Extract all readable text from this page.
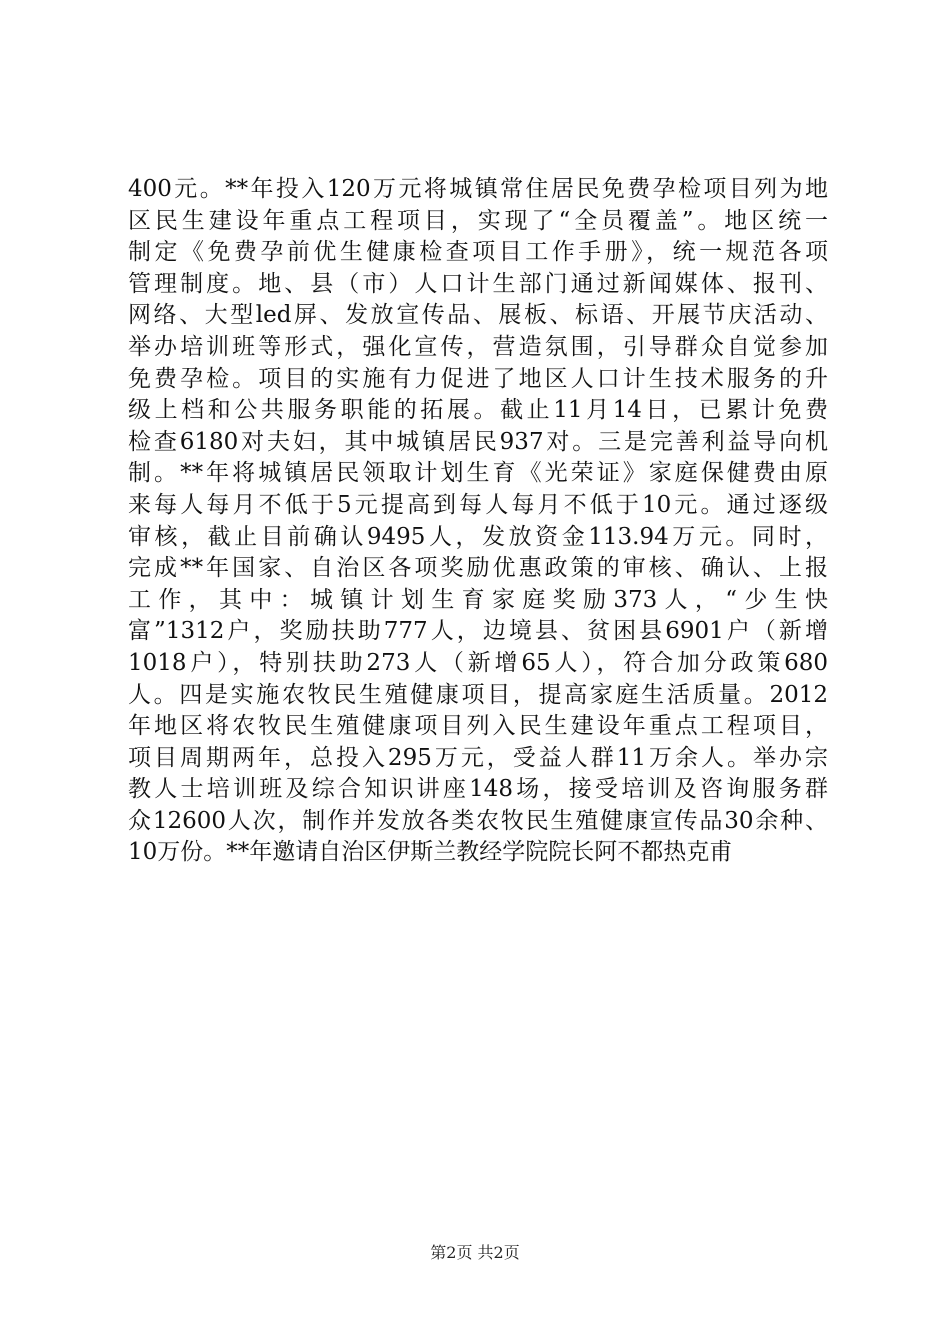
400元。**年投入120万元将城镇常住居民免费孕检项目列为地
区民生建设年重点工程项目，实现了“全员覆盖”。地区统一
制定《免费孕前优生健康检查项目工作手册》，统一规范各项
管理制度。地、县（市）人口计生部门通过新闻媒体、报刊、
网络、大型led屏、发放宣传品、展板、标语、开展节庆活动、
举办培训班等形式，强化宣传，营造氛围，引导群众自觉参加
免费孕检。项目的实施有力促进了地区人口计生技术服务的升
级上档和公共服务职能的拓展。截止11月14日，已累计免费
检查6180对夫妇，其中城镇居民937对。三是完善利益导向机
制。**年将城镇居民领取计划生育《光荣证》家庭保健费由原
来每人每月不低于5元提高到每人每月不低于10元。通过逐级
审核，截止目前确认9495人，发放资金113.94万元。同时，
完成**年国家、自治区各项奖励优惠政策的审核、确认、上报
工作，其中：城镇计划生育家庭奖励373人，“少生快
富”1312户，奖励扶助777人，边境县、贫困县6901户（新增
1018户），特别扶助273人（新增65人），符合加分政策680
人。四是实施农牧民生殖健康项目，提高家庭生活质量。2012
年地区将农牧民生殖健康项目列入民生建设年重点工程项目，
项目周期两年，总投入295万元，受益人群11万余人。举办宗
教人士培训班及综合知识讲座148场，接受培训及咨询服务群
众12600人次，制作并发放各类农牧民生殖健康宣传品30余种、
10万份。**年邀请自治区伊斯兰教经学院院长阿不都热克甫
第2页 共2页
